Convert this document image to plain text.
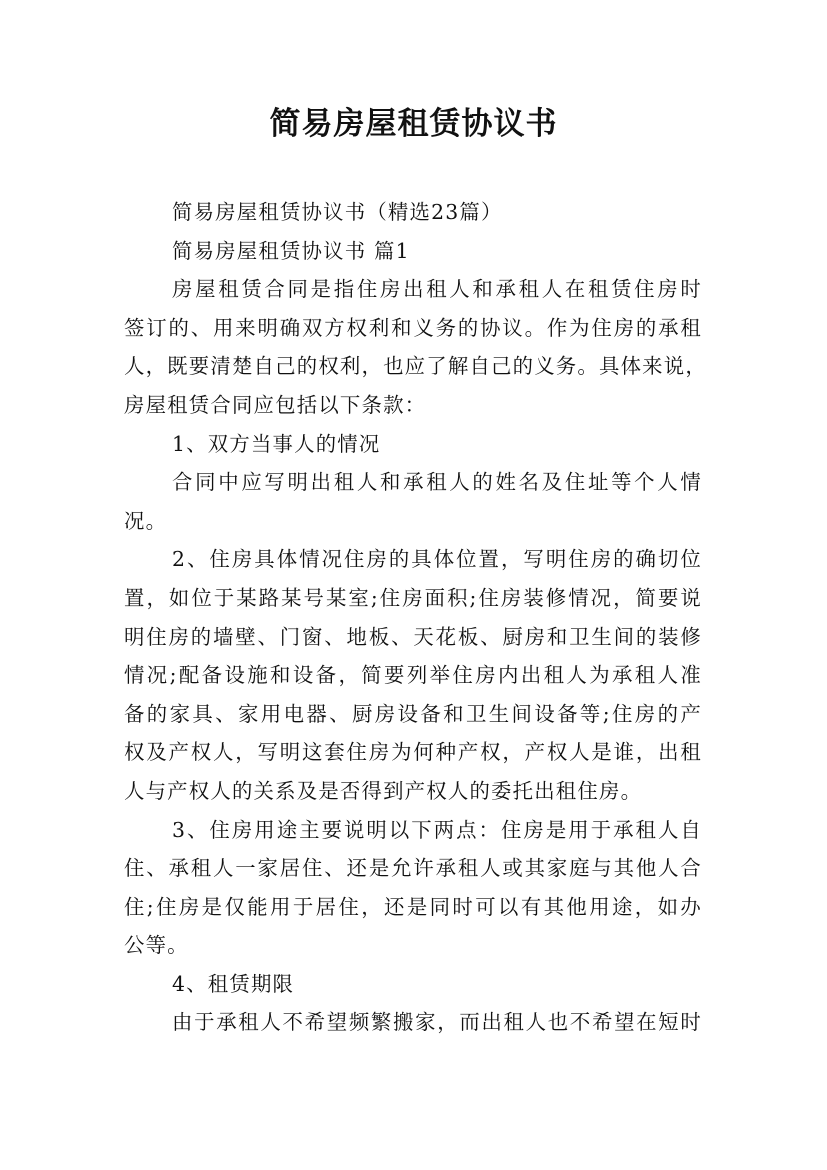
简易房屋租赁协议书
简易房屋租赁协议书（精选23篇）
简易房屋租赁协议书 篇1
房屋租赁合同是指住房出租人和承租人在租赁住房时
签订的、用来明确双方权利和义务的协议。作为住房的承租
人，既要清楚自己的权利，也应了解自己的义务。具体来说，
房屋租赁合同应包括以下条款：
1、双方当事人的情况
合同中应写明出租人和承租人的姓名及住址等个人情
况。
2、住房具体情况住房的具体位置，写明住房的确切位
置，如位于某路某号某室;住房面积;住房装修情况，简要说
明住房的墙壁、门窗、地板、天花板、厨房和卫生间的装修
情况;配备设施和设备，简要列举住房内出租人为承租人准
备的家具、家用电器、厨房设备和卫生间设备等;住房的产
权及产权人，写明这套住房为何种产权，产权人是谁，出租
人与产权人的关系及是否得到产权人的委托出租住房。
3、住房用途主要说明以下两点：住房是用于承租人自
住、承租人一家居住、还是允许承租人或其家庭与其他人合
住;住房是仅能用于居住，还是同时可以有其他用途，如办
公等。
4、租赁期限
由于承租人不希望频繁搬家，而出租人也不希望在短时
